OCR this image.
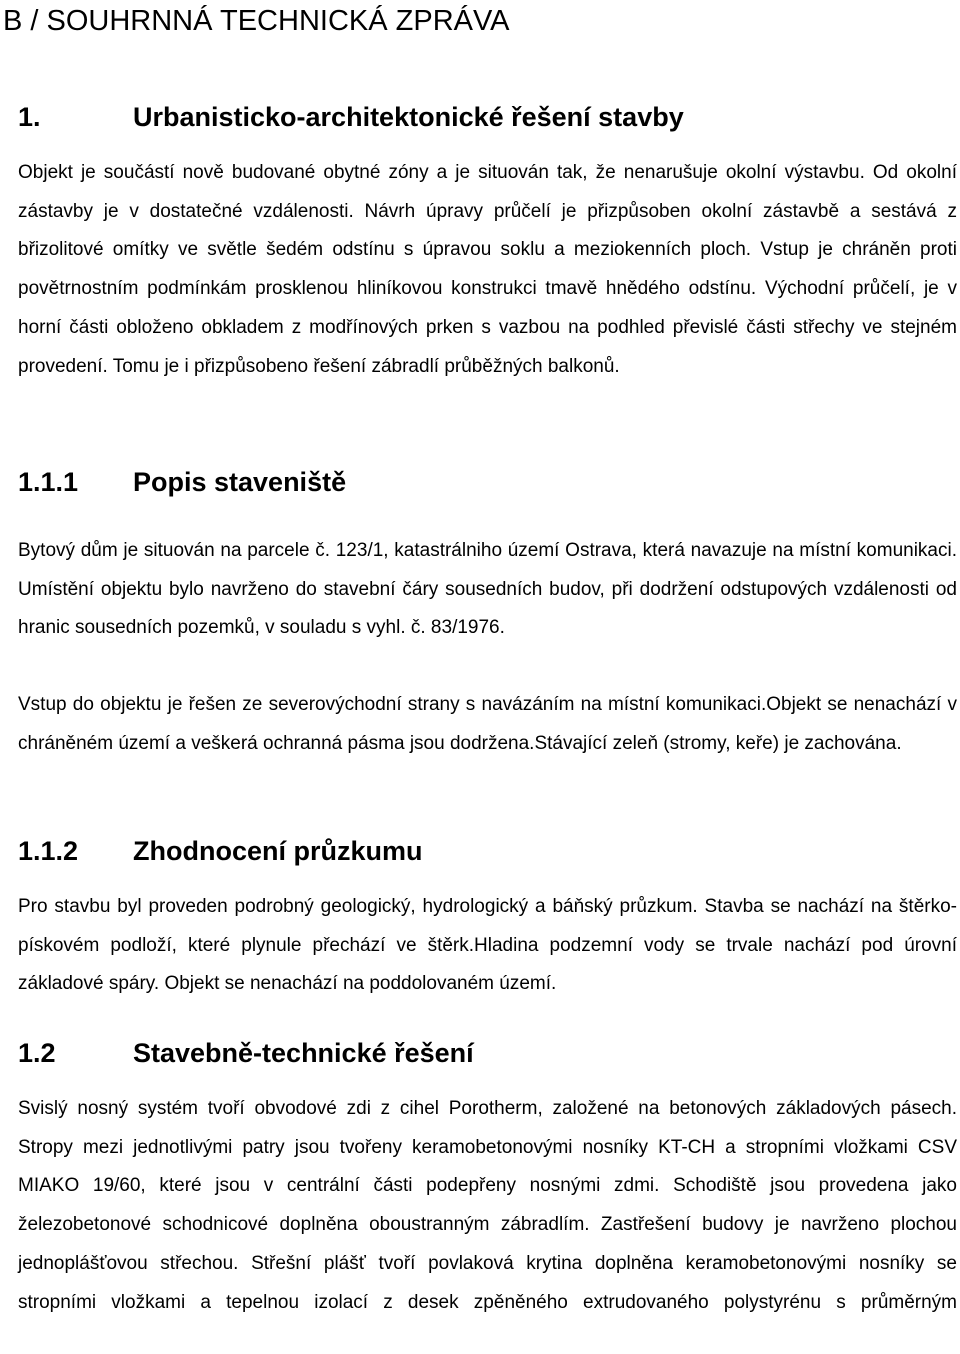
B / SOUHRNNÁ TECHNICKÁ ZPRÁVA
1.	Urbanisticko-architektonické řešení stavby

Objekt je součástí nově budované obytné zóny a je situován tak, že nenarušuje okolní výstavbu. Od okolní zástavby je v dostatečné vzdálenosti. Návrh úpravy průčelí je přizpůsoben okolní zástavbě a sestává z břizolitové omítky ve světle šedém odstínu s úpravou soklu a meziokenních ploch. Vstup je chráněn proti povětrnostním podmínkám prosklenou hliníkovou konstrukci tmavě hnědého odstínu. Východní průčelí, je v horní části obloženo obkladem z modřínových prken s vazbou na podhled převislé části střechy ve stejném provedení. Tomu je i přizpůsobeno řešení zábradlí průběžných balkonů.

1.1.1 Popis staveniště

Bytový dům je situován na parcele č. 123/1, katastrálniho území Ostrava, která navazuje na místní komunikaci. Umístění objektu bylo navrženo do stavební čáry sousedních budov, při dodržení odstupových vzdálenosti od hranic sousedních pozemků, v souladu s vyhl. č. 83/1976.

Vstup do objektu je řešen ze severovýchodní strany s navázáním na místní komunikaci.Objekt se nenachází v chráněném území a veškerá ochranná pásma jsou dodržena.Stávající zeleň (stromy, keře) je zachována.

1.1.2 Zhodnocení průzkumu

Pro stavbu byl proveden podrobný geologický, hydrologický a báňský průzkum. Stavba se nachází na štěrko-pískovém podloží, které plynule přechází ve štěrk.Hladina podzemní vody se trvale nachází pod úrovní základové spáry. Objekt se nenachází na poddolovaném území.

1.2	Stavebně-technické řešení

Svislý nosný systém tvoří obvodové zdi z cihel Porotherm, založené na betonových základových pásech. Stropy mezi jednotlivými patry jsou tvořeny keramobetonovými nosníky KT-CH a stropními vložkami CSV MIAKO 19/60, které jsou v centrální části podepřeny nosnými zdmi. Schodiště jsou provedena jako železobetonové schodnicové doplněna oboustranným zábradlím. Zastřešení budovy je navrženo plochou jednoplášťovou střechou. Střešní plášť tvoří povlaková krytina doplněna keramobetonovými nosníky se stropními vložkami a tepelnou izolací z desek zpěněného extrudovaného polystyrénu s průměrným
